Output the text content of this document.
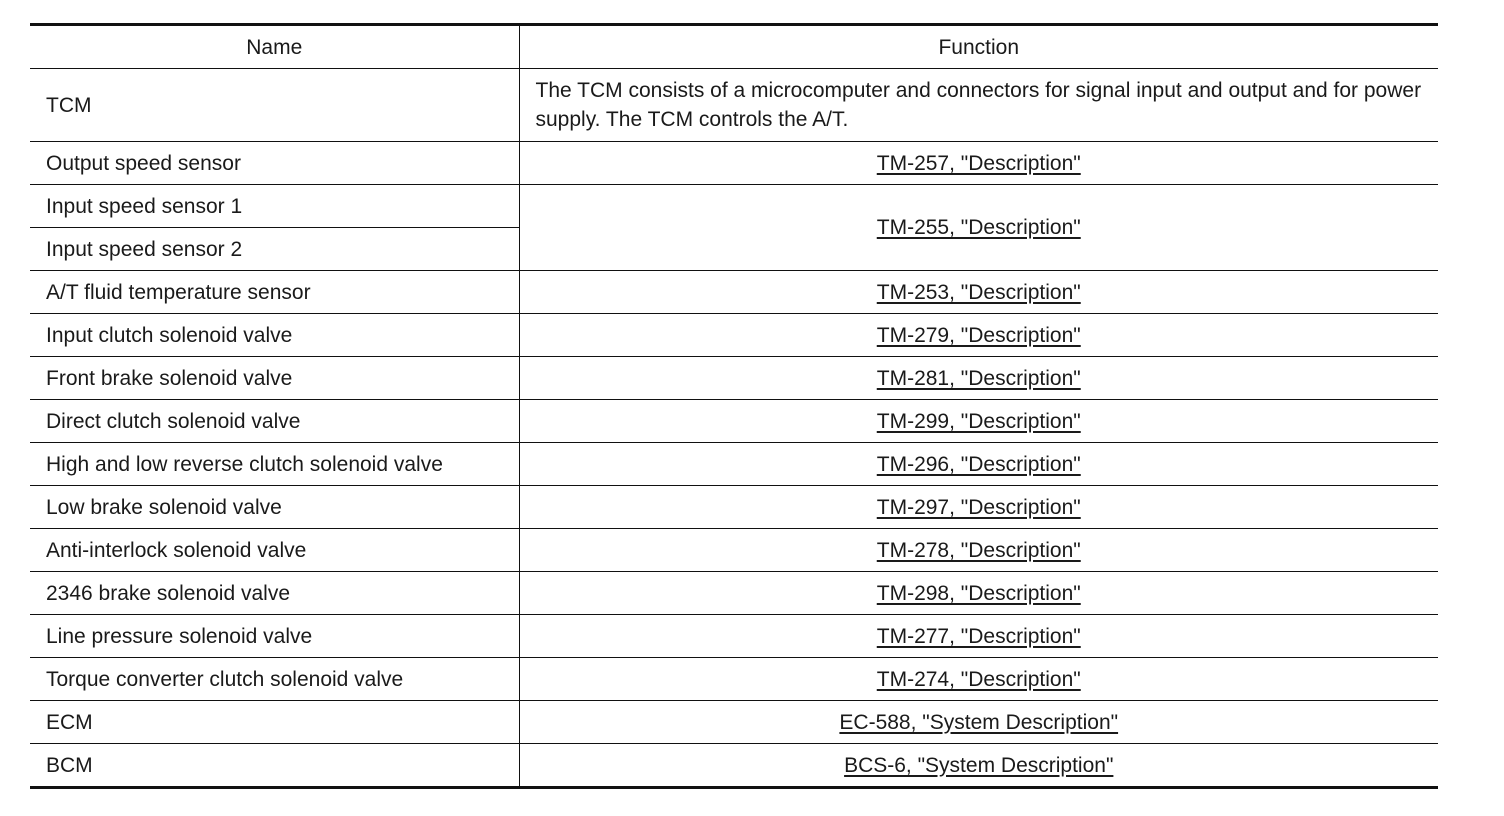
Name	Function
TCM	The TCM consists of a microcomputer and connectors for signal input and output and for power supply. The TCM controls the A/T.
Output speed sensor	TM-257, "Description"
Input speed sensor 1	TM-255, "Description"
Input speed sensor 2	
A/T fluid temperature sensor	TM-253, "Description"
Input clutch solenoid valve	TM-279, "Description"
Front brake solenoid valve	TM-281, "Description"
Direct clutch solenoid valve	TM-299, "Description"
High and low reverse clutch solenoid valve	TM-296, "Description"
Low brake solenoid valve	TM-297, "Description"
Anti-interlock solenoid valve	TM-278, "Description"
2346 brake solenoid valve	TM-298, "Description"
Line pressure solenoid valve	TM-277, "Description"
Torque converter clutch solenoid valve	TM-274, "Description"
ECM	EC-588, "System Description"
BCM	BCS-6, "System Description"
